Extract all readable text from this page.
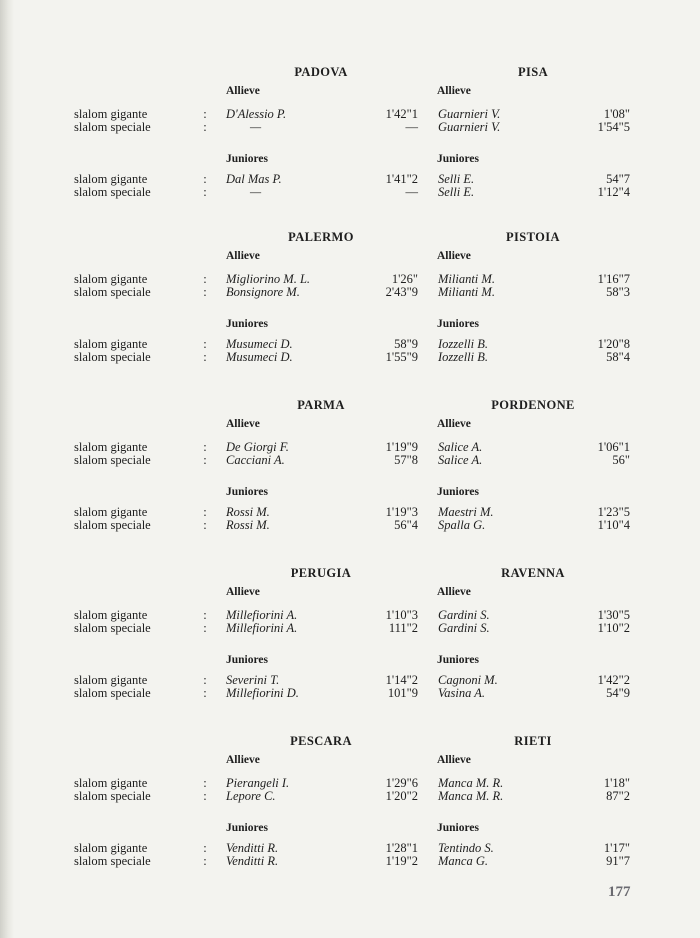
PADOVA	PISA
Allieve	Allieve
Juniores	Juniores
slalom gigante	: D'Alessio P.	1'42"1 Guarnieri V.	1'08"
slalom speciale	:	—	— Guarnieri V.	1'54"5
slalom gigante	: Dal Mas P.	1'41"2 Selli E.	54"7
slalom speciale	:	—	— Selli E.	1'12"4
PALERMO	PISTOIA
Allieve	Allieve
Juniores	Juniores
slalom gigante	: Migliorino M. L.	1'26" Milianti M.	1'16"7
slalom speciale	: Bonsignore M.	2'43"9 Milianti M.	58"3
slalom gigante	: Musumeci D.	58"9 Iozzelli B.	1'20"8
slalom speciale	: Musumeci D.	1'55"9 Iozzelli B.	58"4
PARMA	PORDENONE
Allieve	Allieve
Juniores	Juniores
slalom gigante	: De Giorgi F.	1'19"9 Salice A.	1'06"1
slalom speciale	: Cacciani A.	57"8 Salice A.	56"
slalom gigante	: Rossi M.	1'19"3 Maestri M.	1'23"5
slalom speciale	: Rossi M.	56"4 Spalla G.	1'10"4
PERUGIA	RAVENNA
Allieve	Allieve
Juniores	Juniores
slalom gigante	: Millefiorini A.	1'10"3 Gardini S.	1'30"5
slalom speciale	: Millefiorini A.	111"2 Gardini S.	1'10"2
slalom gigante	: Severini T.	1'14"2 Cagnoni M.	1'42"2
slalom speciale	: Millefiorini D.	101"9 Vasina A.	54"9
PESCARA	RIETI
Allieve	Allieve
Juniores	Juniores
slalom gigante	: Pierangeli I.	1'29"6 Manca M. R.	1'18"
slalom speciale	: Lepore C.	1'20"2 Manca M. R.	87"2
slalom gigante	: Venditti R.	1'28"1 Tentindo S.	1'17"
slalom speciale	: Venditti R.	1'19"2 Manca G.	91"7
177
